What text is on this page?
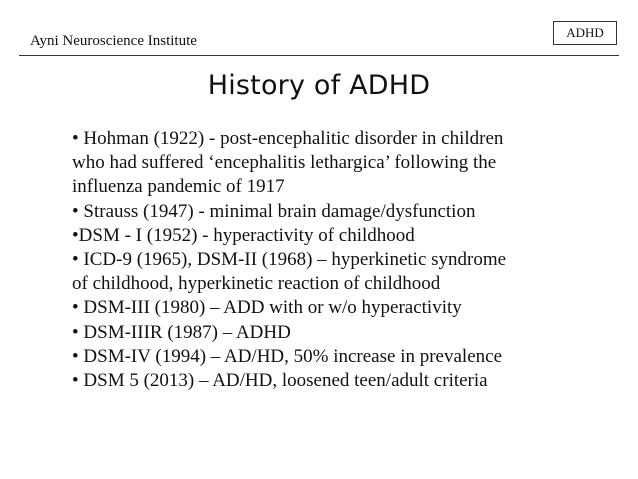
Ayni Neuroscience Institute
ADHD
History of ADHD
• Hohman (1922) - post-encephalitic disorder in children
who had suffered ‘encephalitis lethargica’ following the
influenza pandemic of 1917
• Strauss (1947) - minimal brain damage/dysfunction
•DSM - I (1952) - hyperactivity of childhood
• ICD-9 (1965), DSM-II (1968) – hyperkinetic syndrome
of childhood, hyperkinetic reaction of childhood
• DSM-III (1980) – ADD with or w/o hyperactivity
• DSM-IIIR (1987) – ADHD
• DSM-IV (1994) – AD/HD, 50% increase in prevalence
• DSM 5 (2013) – AD/HD, loosened teen/adult criteria
